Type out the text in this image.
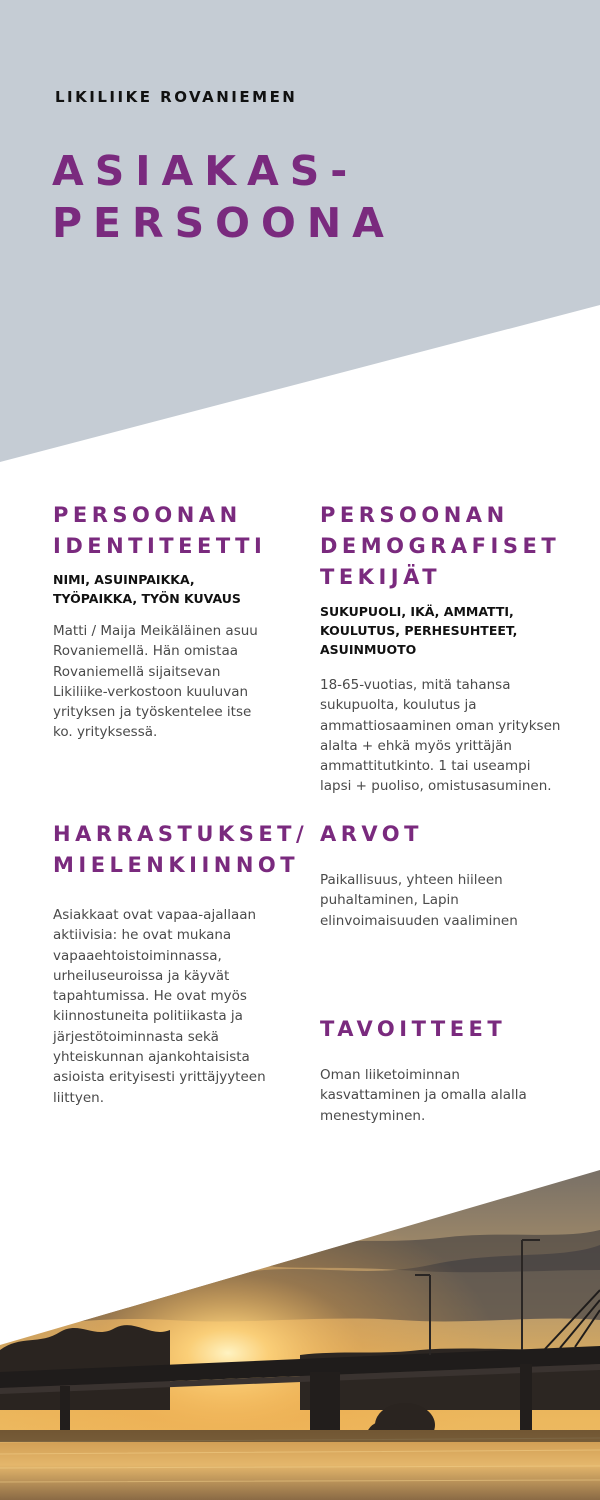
LIKILIIKE ROVANIEMEN
ASIAKAS-
PERSOONA
PERSOONAN
IDENTITEETTI
NIMI, ASUINPAIKKA,
TYÖPAIKKA, TYÖN KUVAUS
Matti / Maija Meikäläinen asuu
Rovaniemellä. Hän omistaa
Rovaniemellä sijaitsevan
Likiliike-verkostoon kuuluvan
yrityksen ja työskentelee itse
ko. yrityksessä.
PERSOONAN
DEMOGRAFISET
TEKIJÄT
SUKUPUOLI, IKÄ, AMMATTI,
KOULUTUS, PERHESUHTEET,
ASUINMUOTO
18-65-vuotias, mitä tahansa
sukupuolta, koulutus ja
ammattiosaaminen oman yrityksen
alalta + ehkä myös yrittäjän
ammattitutkinto. 1 tai useampi
lapsi + puoliso, omistusasuminen.
HARRASTUKSET/
MIELENKIINNOT
Asiakkaat ovat vapaa-ajallaan
aktiivisia: he ovat mukana
vapaaehtoistoiminnassa,
urheiluseuroissa ja käyvät
tapahtumissa. He ovat myös
kiinnostuneita politiikasta ja
järjestötoiminnasta sekä
yhteiskunnan ajankohtaisista
asioista erityisesti yrittäjyyteen
liittyen.
ARVOT
Paikallisuus, yhteen hiileen
puhaltaminen, Lapin
elinvoimaisuuden vaaliminen
TAVOITTEET
Oman liiketoiminnan
kasvattaminen ja omalla alalla
menestyminen.
